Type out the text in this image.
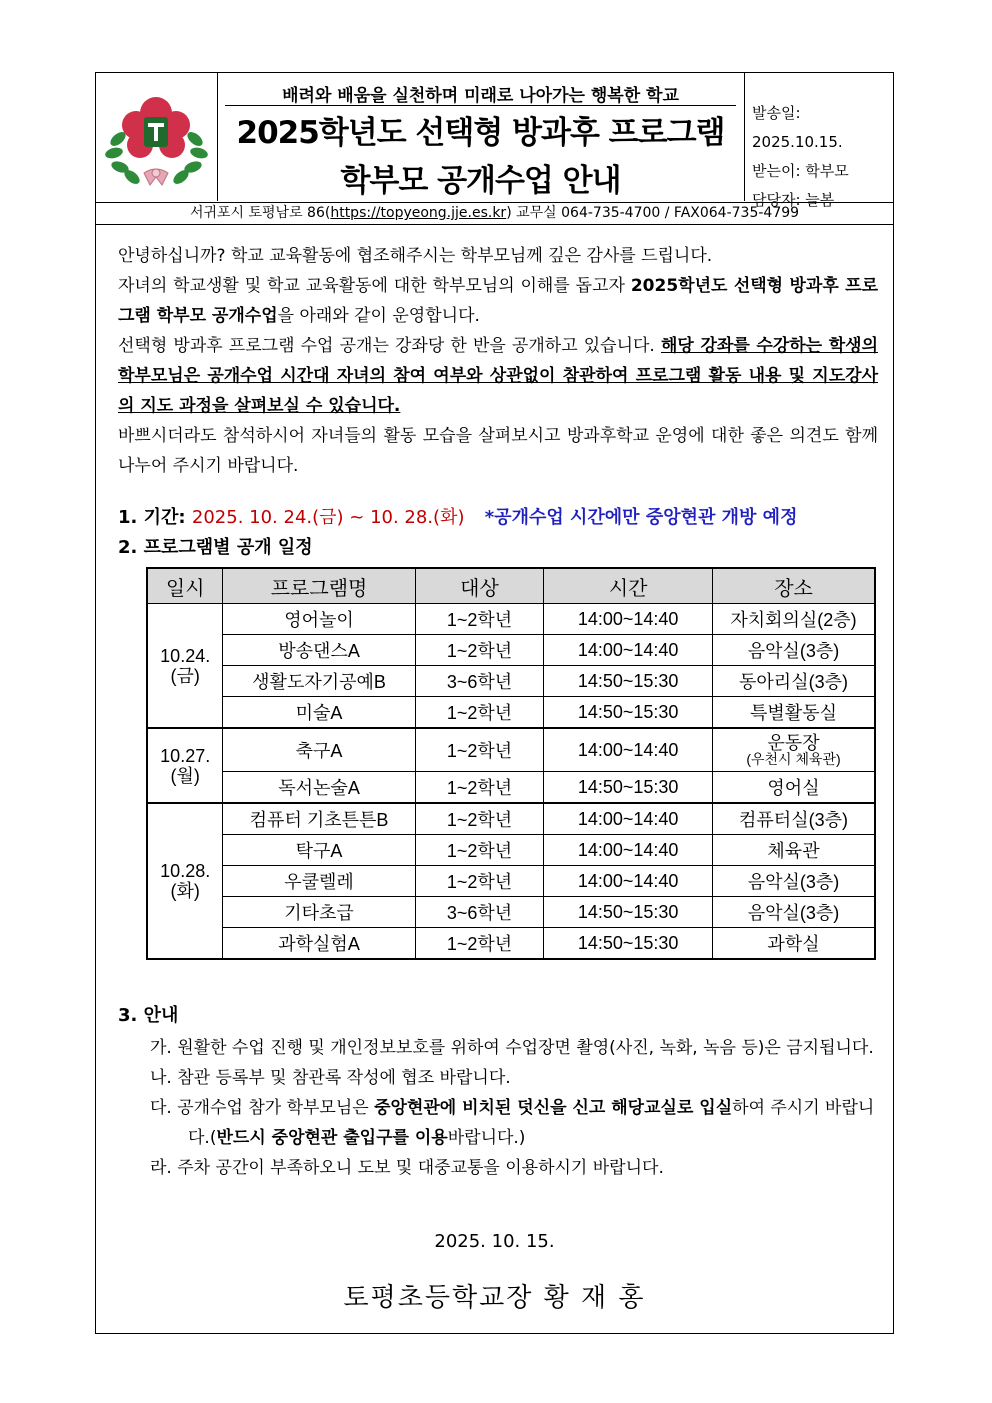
배려와 배움을 실천하며 미래로 나아가는 행복한 학교
2025학년도 선택형 방과후 프로그램
학부모 공개수업 안내
발송일: 2025.10.15.
받는이: 학부모
담당자: 늘봄
서귀포시 토평남로 86(https://topyeong.jje.es.kr) 교무실 064-735-4700 / FAX064-735-4799

안녕하십니까? 학교 교육활동에 협조해주시는 학부모님께 깊은 감사를 드립니다.

자녀의 학교생활 및 학교 교육활동에 대한 학부모님의 이해를 돕고자 2025학년도 선택형 방과후 프로그램 학부모 공개수업을 아래와 같이 운영합니다.

선택형 방과후 프로그램 수업 공개는 강좌당 한 반을 공개하고 있습니다. 해당 강좌를 수강하는 학생의 학부모님은 공개수업 시간대 자녀의 참여 여부와 상관없이 참관하여 프로그램 활동 내용 및 지도강사의 지도 과정을 살펴보실 수 있습니다.

바쁘시더라도 참석하시어 자녀들의 활동 모습을 살펴보시고 방과후학교 운영에 대한 좋은 의견도 함께 나누어 주시기 바랍니다.

1. 기간: 2025. 10. 24.(금) ~ 10. 28.(화) *공개수업 시간에만 중앙현관 개방 예정
2. 프로그램별 공개 일정
일시	프로그램명	대상	시간	장소
10.24.
(금)	영어놀이	1~2학년	14:00~14:40	자치회의실(2층)
	방송댄스A	1~2학년	14:00~14:40	음악실(3층)
	생활도자기공예B	3~6학년	14:50~15:30	동아리실(3층)
	미술A	1~2학년	14:50~15:30	특별활동실
10.27.
(월)	축구A	1~2학년	14:00~14:40	운동장
(우천시 체육관)

	독서논술A	1~2학년	14:50~15:30	영어실
10.28.
(화)	컴퓨터 기초튼튼B	1~2학년	14:00~14:40	컴퓨터실(3층)
	탁구A	1~2학년	14:00~14:40	체육관
	우쿨렐레	1~2학년	14:00~14:40	음악실(3층)
	기타초급	3~6학년	14:50~15:30	음악실(3층)
	과학실험A	1~2학년	14:50~15:30	과학실
3. 안내

가. 원활한 수업 진행 및 개인정보보호를 위하여 수업장면 촬영(사진, 녹화, 녹음 등)은 금지됩니다.

나. 참관 등록부 및 참관록 작성에 협조 바랍니다.

다. 공개수업 참가 학부모님은 중앙현관에 비치된 덧신을 신고 해당교실로 입실하여 주시기 바랍니다.(반드시 중앙현관 출입구를 이용바랍니다.)

라. 주차 공간이 부족하오니 도보 및 대중교통을 이용하시기 바랍니다.

2025. 10. 15.
토평초등학교장 황 재 홍
